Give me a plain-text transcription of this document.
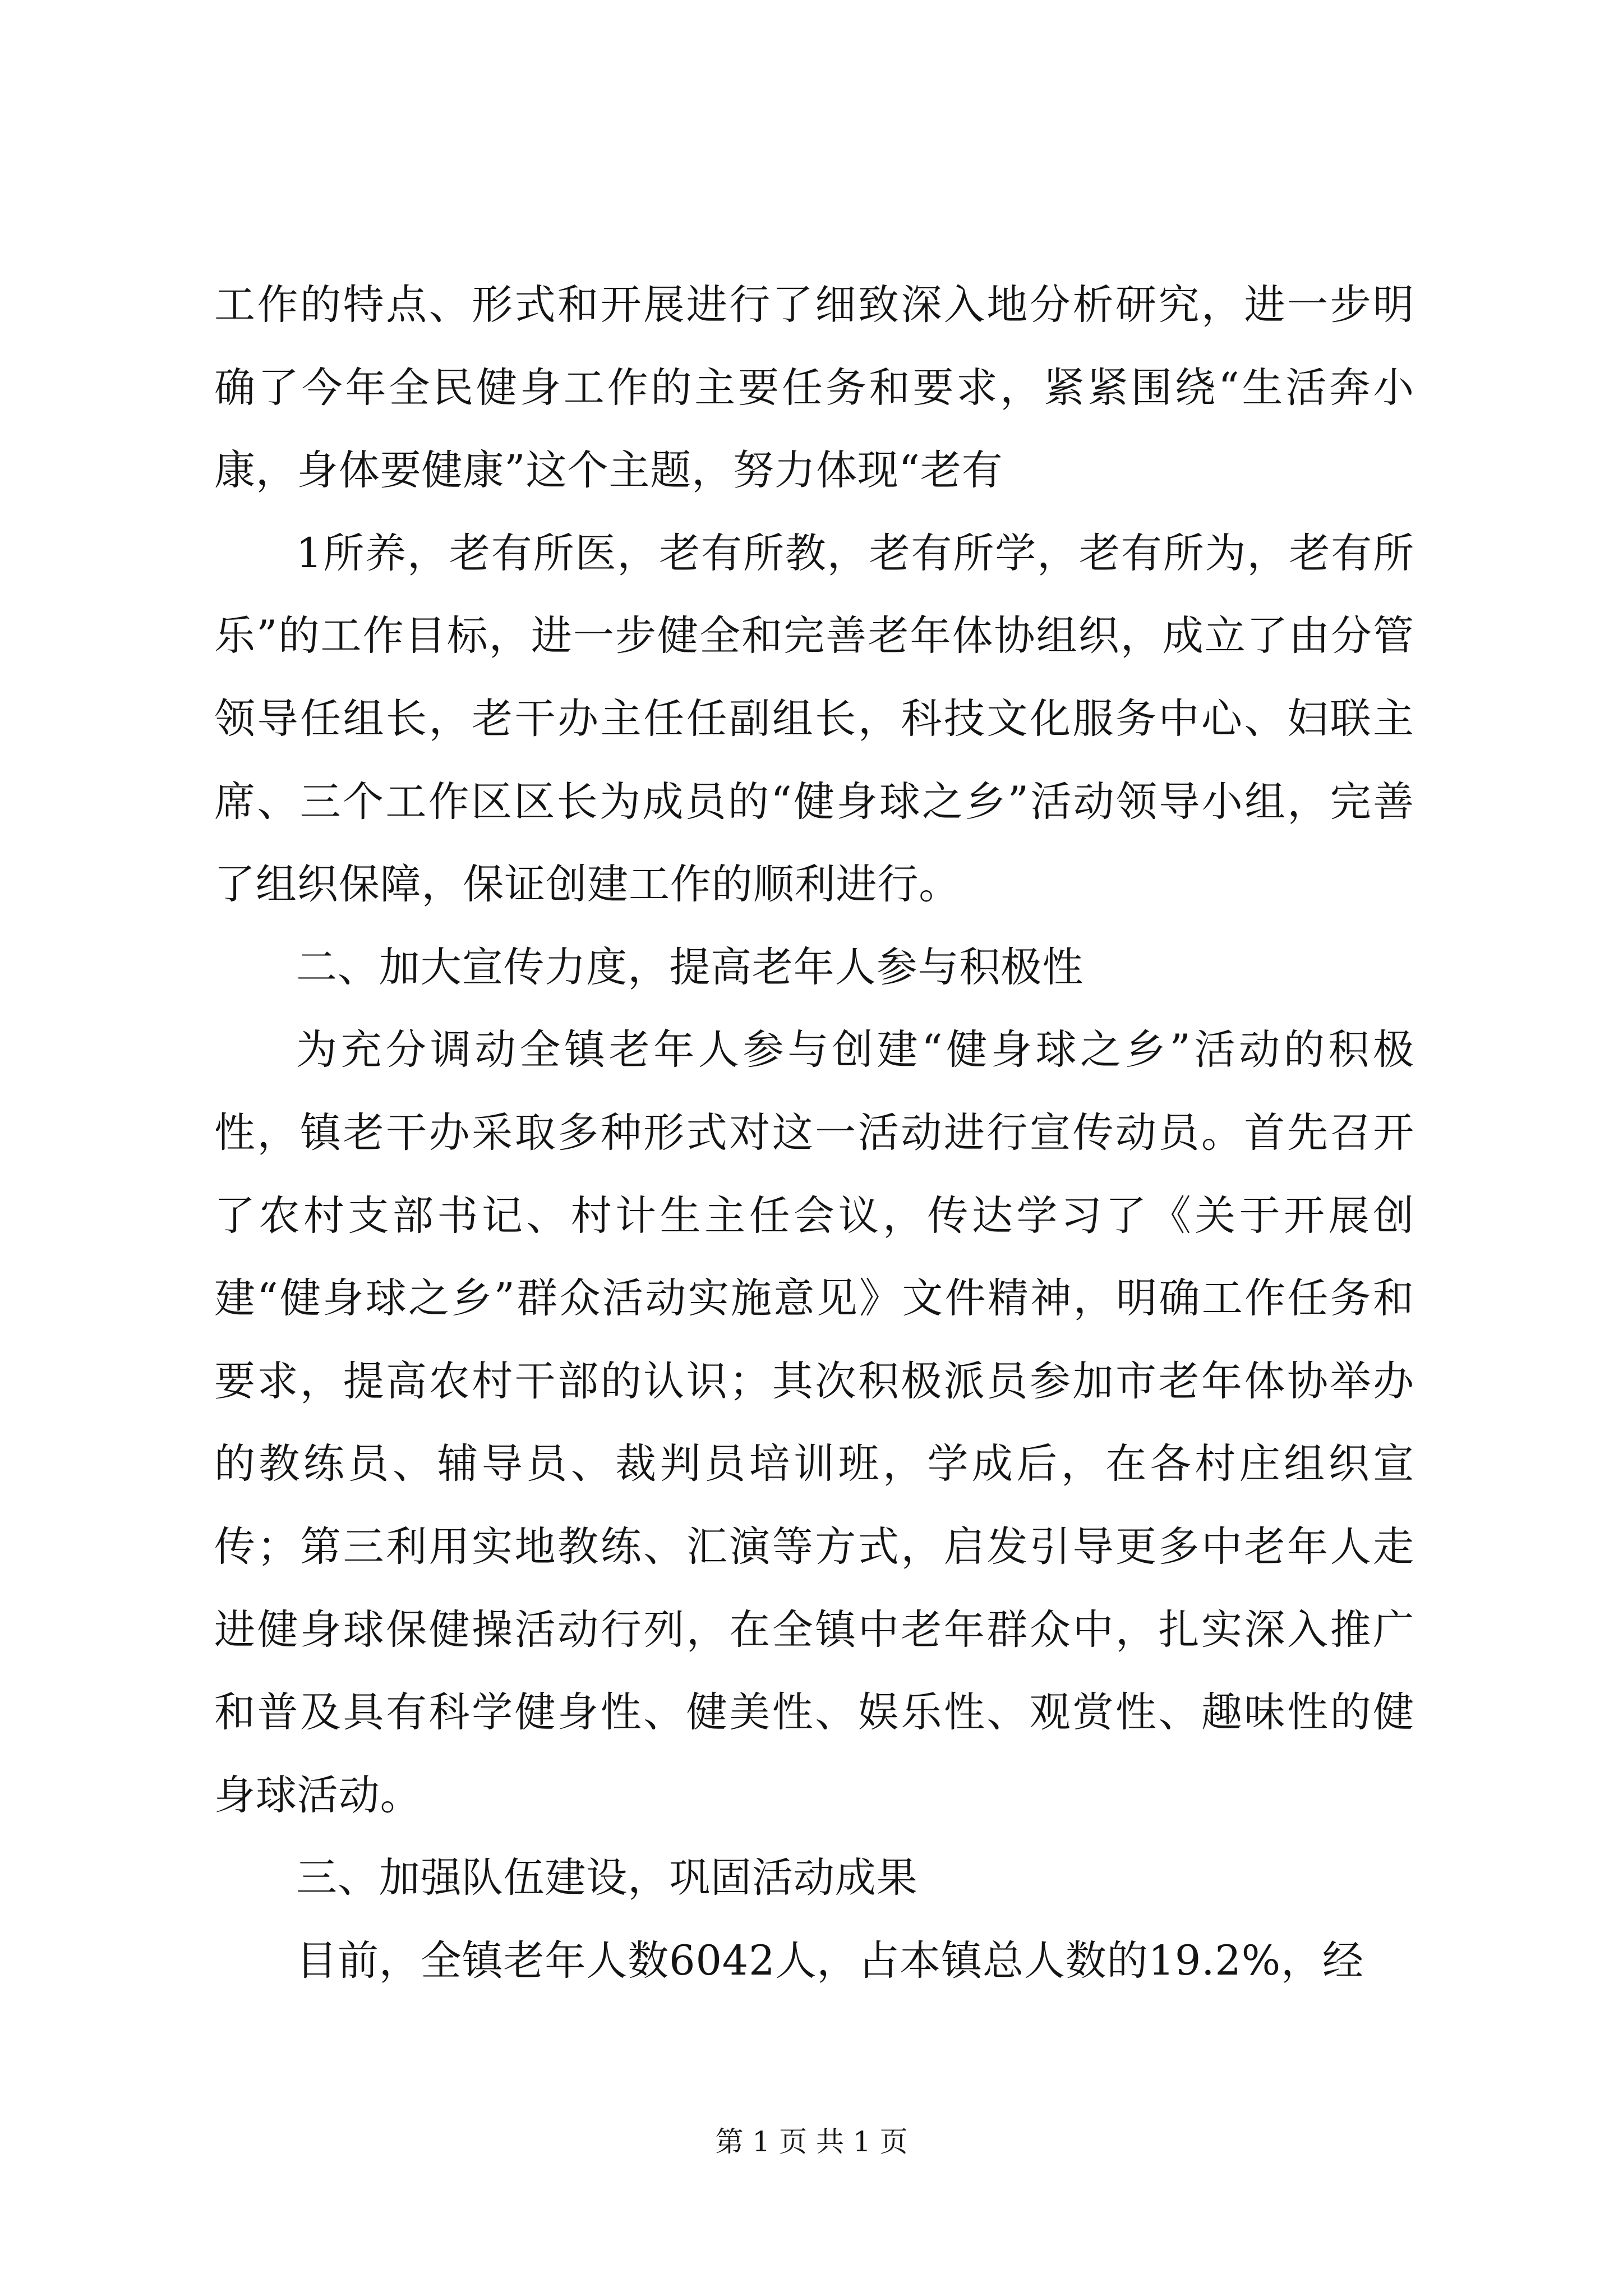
工作的特点、形式和开展进行了细致深入地分析研究，进一步明确了今年全民健身工作的主要任务和要求，紧紧围绕“生活奔小康，身体要健康”这个主题，努力体现“老有

1所养，老有所医，老有所教，老有所学，老有所为，老有所乐”的工作目标，进一步健全和完善老年体协组织，成立了由分管领导任组长，老干办主任任副组长，科技文化服务中心、妇联主席、三个工作区区长为成员的“健身球之乡”活动领导小组，完善了组织保障，保证创建工作的顺利进行。

二、加大宣传力度，提高老年人参与积极性

为充分调动全镇老年人参与创建“健身球之乡”活动的积极性，镇老干办采取多种形式对这一活动进行宣传动员。首先召开了农村支部书记、村计生主任会议，传达学习了《关于开展创建“健身球之乡”群众活动实施意见》文件精神，明确工作任务和要求，提高农村干部的认识；其次积极派员参加市老年体协举办的教练员、辅导员、裁判员培训班，学成后，在各村庄组织宣传；第三利用实地教练、汇演等方式，启发引导更多中老年人走进健身球保健操活动行列，在全镇中老年群众中，扎实深入推广和普及具有科学健身性、健美性、娱乐性、观赏性、趣味性的健身球活动。

三、加强队伍建设，巩固活动成果

目前，全镇老年人数6042人，占本镇总人数的19.2%，经

第 1 页 共 1 页
